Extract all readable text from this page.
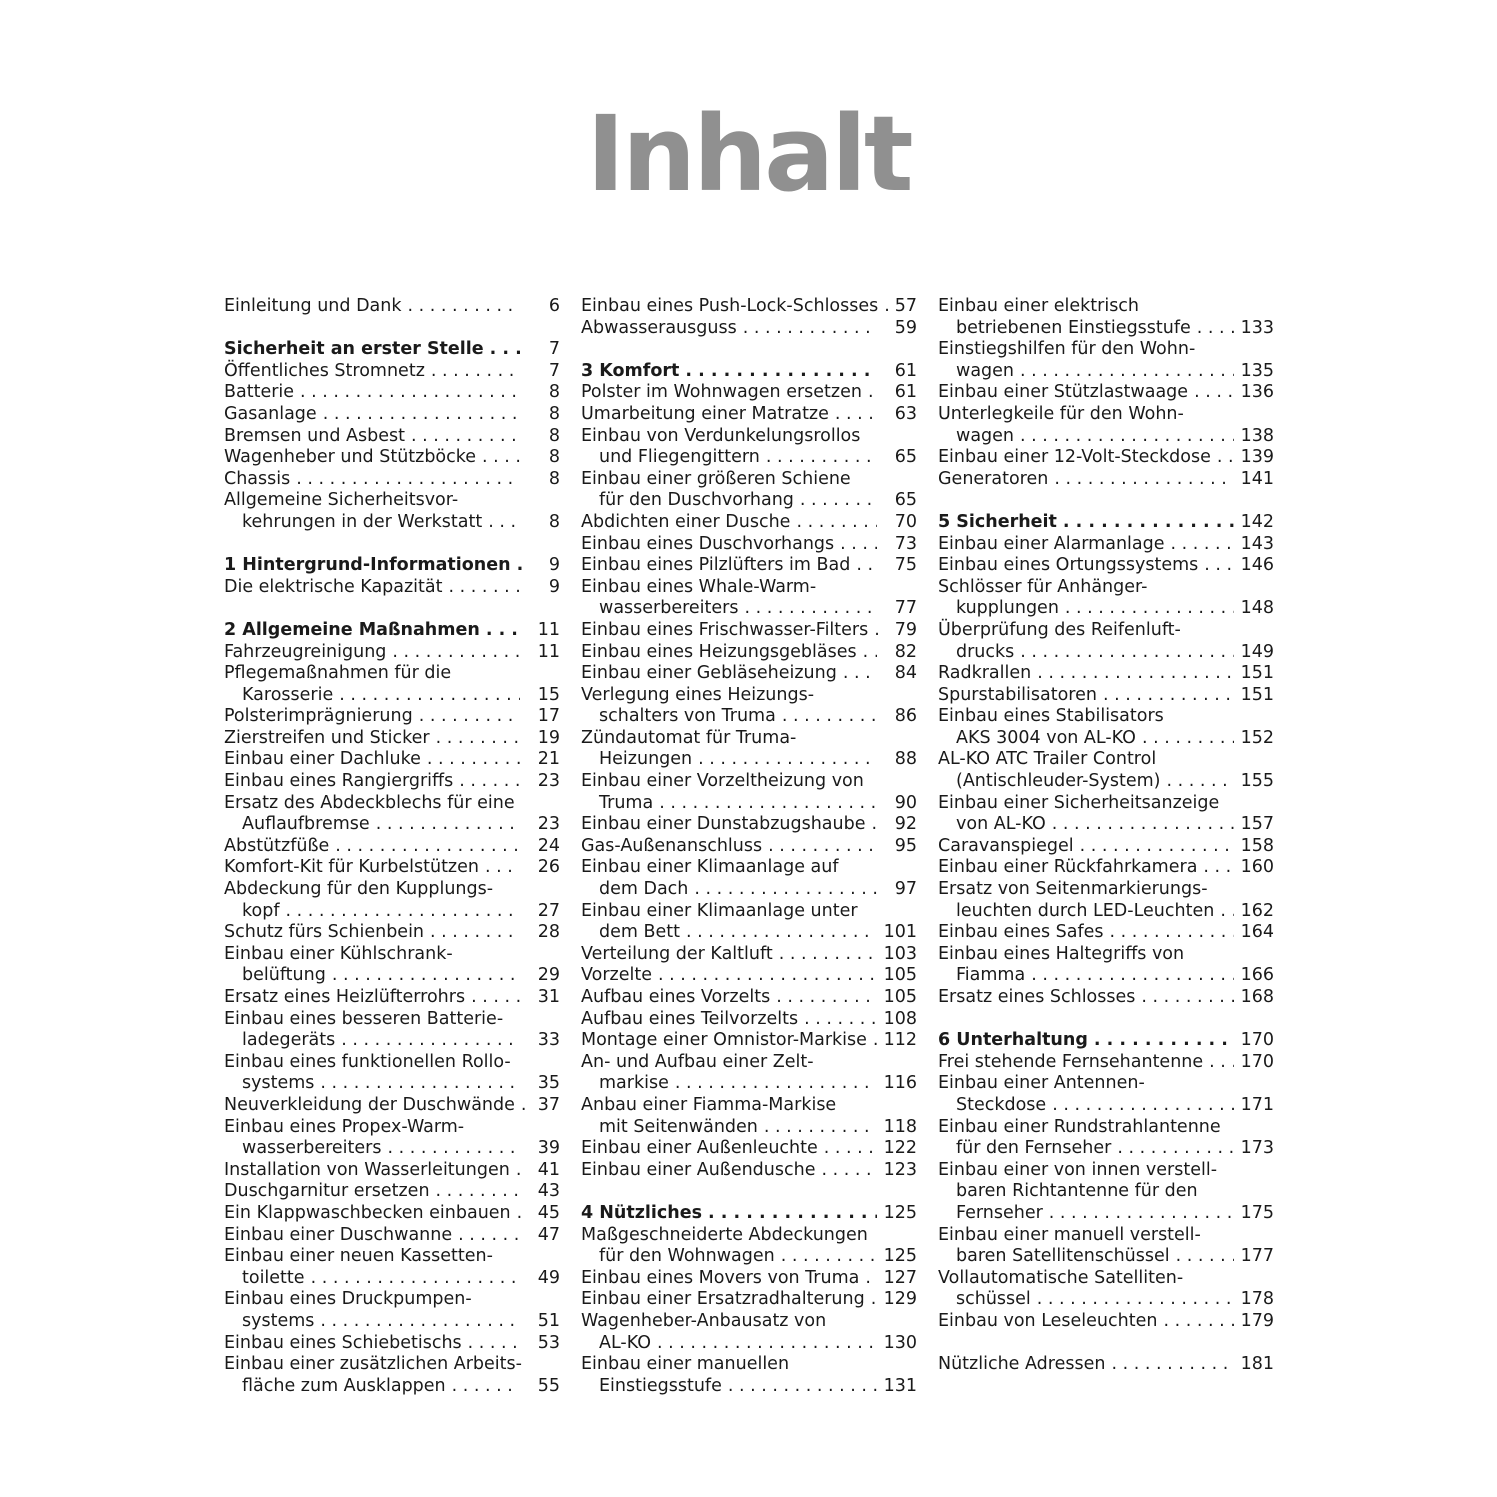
Inhalt
Einleitung und Dank . . .	6
Sicherheit an erster Stelle . . .	7
Öffentliches Stromnetz . . .	7
Batterie . . .	8
Gasanlage . . .	8
Bremsen und Asbest . . .	8
Wagenheber und Stützböcke . . .	8
Chassis . . .	8
Allgemeine Sicherheitsvor-
kehrungen in der Werkstatt . . .	8
1 Hintergrund-Informationen . . .	9
Die elektrische Kapazität . . .	9
2 Allgemeine Maßnahmen . . .	11
Fahrzeugreinigung . . .	11
Pflegemaßnahmen für die
Karosserie . . .	15
Polsterimprägnierung . . .	17
Zierstreifen und Sticker . . .	19
Einbau einer Dachluke . . .	21
Einbau eines Rangiergriffs . . .	23
Ersatz des Abdeckblechs für eine
Auflaufbremse . . .	23
Abstützfüße . . .	24
Komfort-Kit für Kurbelstützen . . .	26
Abdeckung für den Kupplungs-
kopf . . .	27
Schutz fürs Schienbein . . .	28
Einbau einer Kühlschrank-
belüftung . . .	29
Ersatz eines Heizlüfterrohrs . . .	31
Einbau eines besseren Batterie-
ladegeräts . . .	33
Einbau eines funktionellen Rollo-
systems . . .	35
Neuverkleidung der Duschwände . . .	37
Einbau eines Propex-Warm-
wasserbereiters . . .	39
Installation von Wasserleitungen . . .	41
Duschgarnitur ersetzen . . .	43
Ein Klappwaschbecken einbauen . . .	45
Einbau einer Duschwanne . . .	47
Einbau einer neuen Kassetten-
toilette . . .	49
Einbau eines Druckpumpen-
systems . . .	51
Einbau eines Schiebetischs . . .	53
Einbau einer zusätzlichen Arbeits-
fläche zum Ausklappen . . .	55
Einbau eines Push-Lock-Schlosses . . . 57
Abwasserausguss . . .	59
3 Komfort . . .	61
Polster im Wohnwagen ersetzen . . .	61
Umarbeitung einer Matratze . . .	63
Einbau von Verdunkelungsrollos
und Fliegengittern . . .	65
Einbau einer größeren Schiene
für den Duschvorhang . . .	65
Abdichten einer Dusche . . .	70
Einbau eines Duschvorhangs . . .	73
Einbau eines Pilzlüfters im Bad . . .	75
Einbau eines Whale-Warm-
wasserbereiters . . .	77
Einbau eines Frischwasser-Filters . . .	79
Einbau eines Heizungsgebläses . . .	82
Einbau einer Gebläseheizung . . .	84
Verlegung eines Heizungs-
schalters von Truma . . .	86
Zündautomat für Truma-
Heizungen . . .	88
Einbau einer Vorzeltheizung von
Truma . . .	90
Einbau einer Dunstabzugshaube . . .	92
Gas-Außenanschluss . . .	95
Einbau einer Klimaanlage auf
dem Dach . . .	97
Einbau einer Klimaanlage unter
dem Bett . . .	101
Verteilung der Kaltluft . . .	103
Vorzelte . . .	105
Aufbau eines Vorzelts . . .	105
Aufbau eines Teilvorzelts . . .	108
Montage einer Omnistor-Markise . . . 112
An- und Aufbau einer Zelt-
markise . . .	116
Anbau einer Fiamma-Markise
mit Seitenwänden . . .	118
Einbau einer Außenleuchte . . .	122
Einbau einer Außendusche . . .	123
4 Nützliches . . .	125
Maßgeschneiderte Abdeckungen
für den Wohnwagen . . .	125
Einbau eines Movers von Truma . . . 127
Einbau einer Ersatzradhalterung . . . 129
Wagenheber-Anbausatz von
AL-KO . . .	130
Einbau einer manuellen
Einstiegsstufe . . .	131
Einbau einer elektrisch
betriebenen Einstiegsstufe . . .	133
Einstiegshilfen für den Wohn-
wagen . . .	135
Einbau einer Stützlastwaage . . .	136
Unterlegkeile für den Wohn-
wagen . . .	138
Einbau einer 12-Volt-Steckdose . . . 139
Generatoren . . .	141
5 Sicherheit . . .	142
Einbau einer Alarmanlage . . .	143
Einbau eines Ortungssystems . . . 146
Schlösser für Anhänger-
kupplungen . . .	148
Überprüfung des Reifenluft-
drucks . . .	149
Radkrallen . . .	151
Spurstabilisatoren . . .	151
Einbau eines Stabilisators
AKS 3004 von AL-KO . . .	152
AL-KO ATC Trailer Control
(Antischleuder-System) . . .	155
Einbau einer Sicherheitsanzeige
von AL-KO . . .	157
Caravanspiegel . . .	158
Einbau einer Rückfahrkamera . . . 160
Ersatz von Seitenmarkierungs-
leuchten durch LED-Leuchten . . . 162
Einbau eines Safes . . .	164
Einbau eines Haltegriffs von
Fiamma . . .	166
Ersatz eines Schlosses . . .	168
6 Unterhaltung . . .	170
Frei stehende Fernsehantenne . . . 170
Einbau einer Antennen-
Steckdose . . .	171
Einbau einer Rundstrahlantenne
für den Fernseher . . .	173
Einbau einer von innen verstell-
baren Richtantenne für den
Fernseher . . .	175
Einbau einer manuell verstell-
baren Satellitenschüssel . . .	177
Vollautomatische Satelliten-
schüssel . . .	178
Einbau von Leseleuchten . . .	179
Nützliche Adressen . . .	181
